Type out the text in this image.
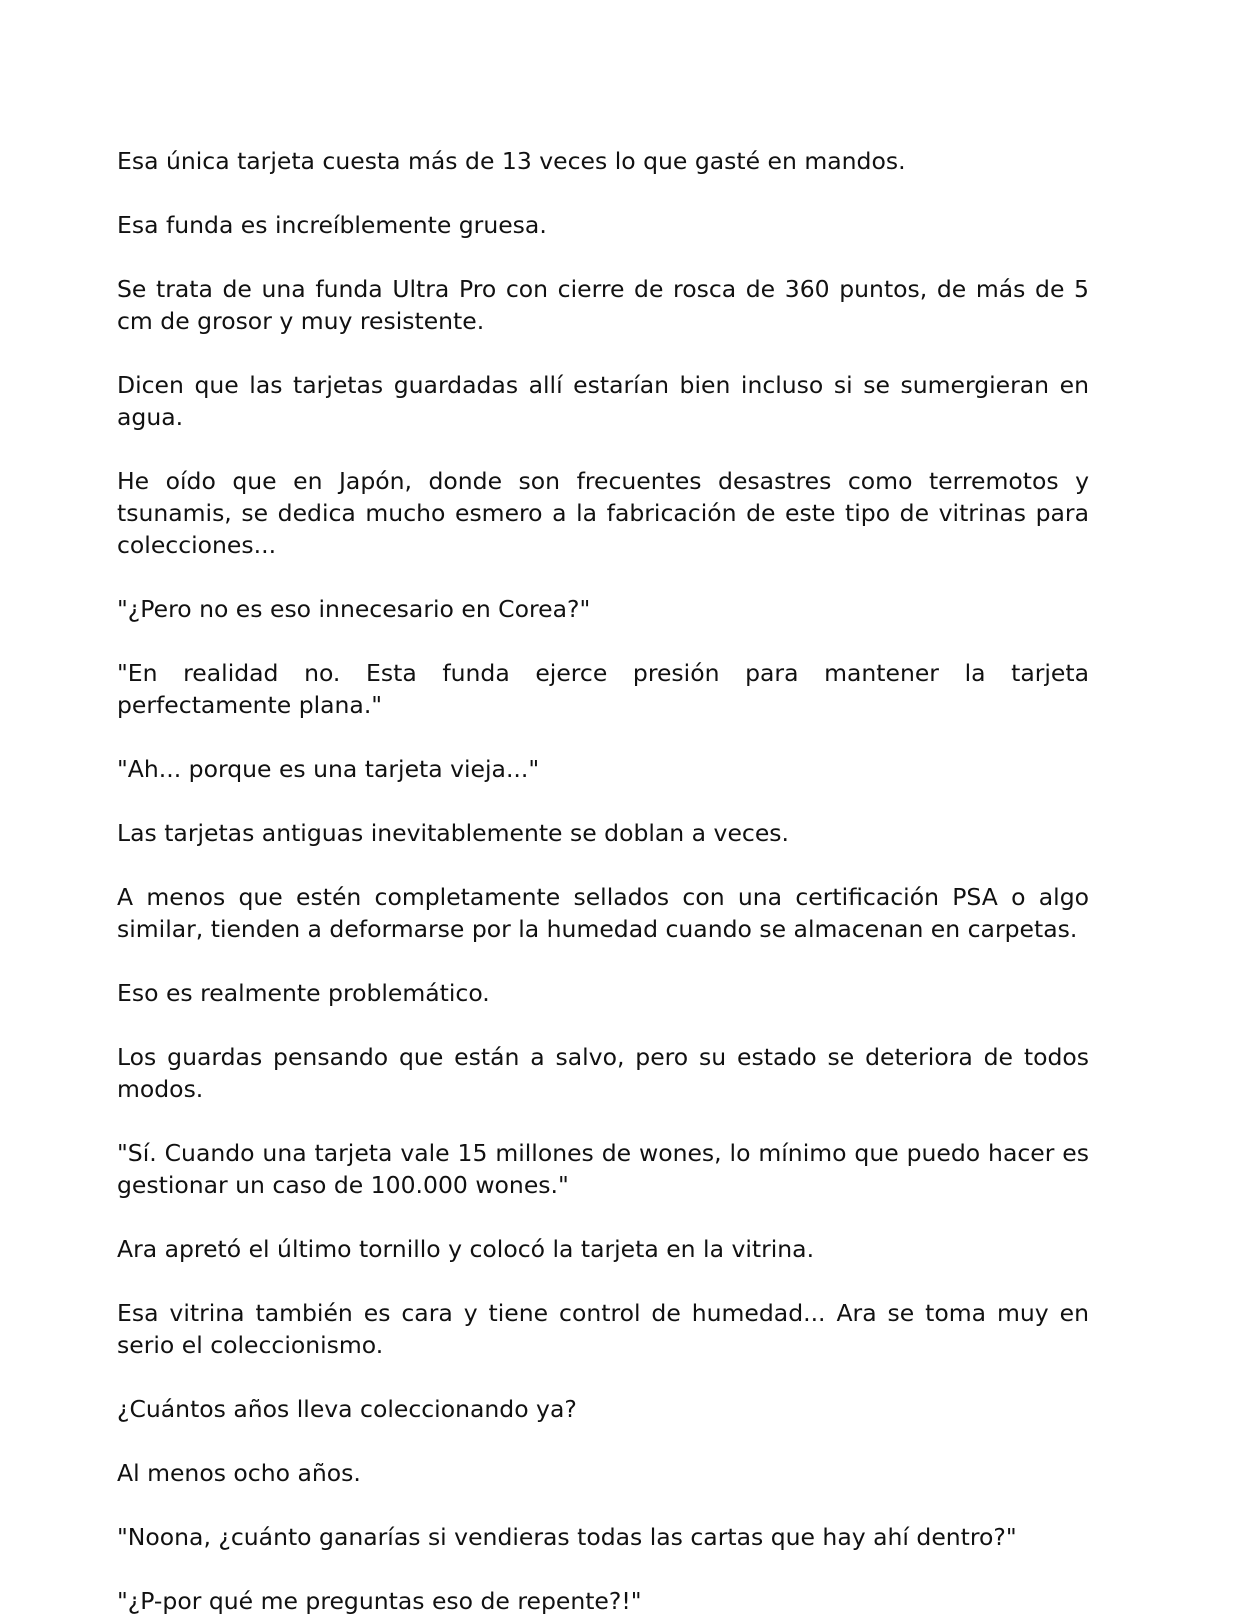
Esa única tarjeta cuesta más de 13 veces lo que gasté en mandos.

Esa funda es increíblemente gruesa.

Se trata de una funda Ultra Pro con cierre de rosca de 360 puntos, de más de 5 cm de grosor y muy resistente.

Dicen que las tarjetas guardadas allí estarían bien incluso si se sumergieran en agua.

He oído que en Japón, donde son frecuentes desastres como terremotos y tsunamis, se dedica mucho esmero a la fabricación de este tipo de vitrinas para colecciones...

"¿Pero no es eso innecesario en Corea?"

"En realidad no. Esta funda ejerce presión para mantener la tarjeta perfectamente plana."

"Ah... porque es una tarjeta vieja..."

Las tarjetas antiguas inevitablemente se doblan a veces.

A menos que estén completamente sellados con una certificación PSA o algo similar, tienden a deformarse por la humedad cuando se almacenan en carpetas.

Eso es realmente problemático.

Los guardas pensando que están a salvo, pero su estado se deteriora de todos modos.

"Sí. Cuando una tarjeta vale 15 millones de wones, lo mínimo que puedo hacer es gestionar un caso de 100.000 wones."

Ara apretó el último tornillo y colocó la tarjeta en la vitrina.

Esa vitrina también es cara y tiene control de humedad... Ara se toma muy en serio el coleccionismo.

¿Cuántos años lleva coleccionando ya?

Al menos ocho años.

"Noona, ¿cuánto ganarías si vendieras todas las cartas que hay ahí dentro?"

"¿P-por qué me preguntas eso de repente?!"
